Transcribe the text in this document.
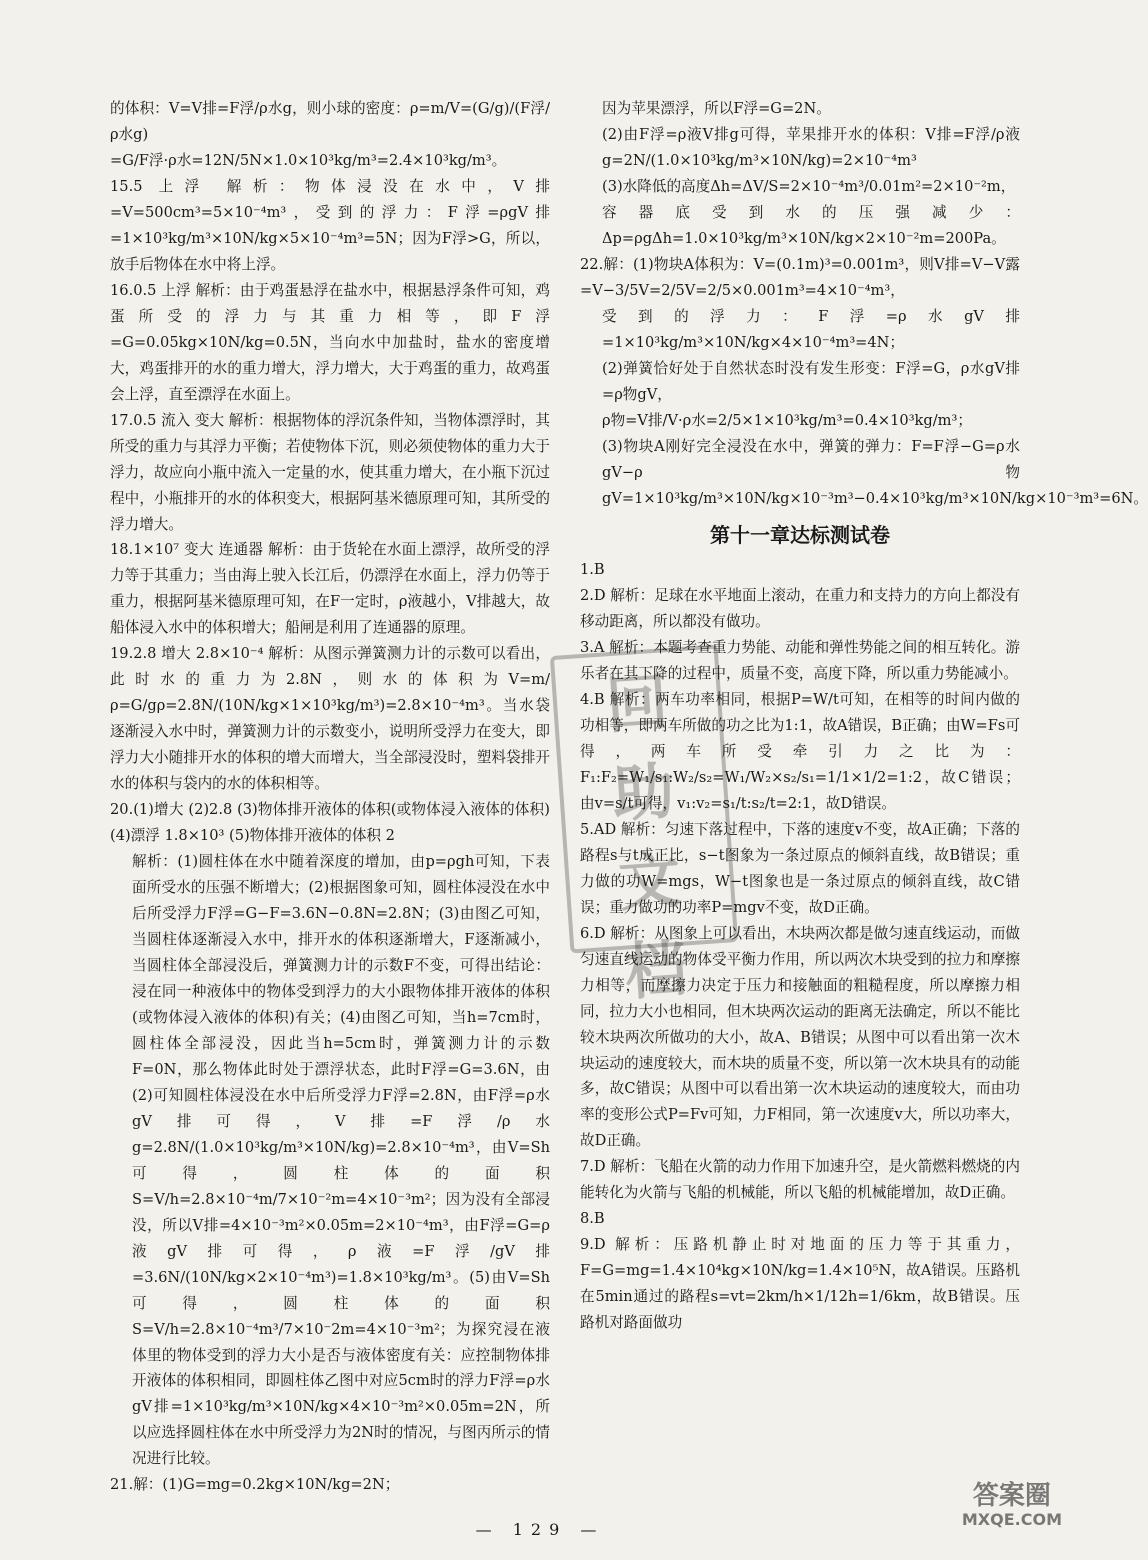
的体积：V=V排=F浮/ρ水g，则小球的密度：ρ=m/V=(G/g)/(F浮/ρ水g)

=G/F浮·ρ水=12N/5N×1.0×10³kg/m³=2.4×10³kg/m³。

15.5 上浮 解析：物体浸没在水中，V排=V=500cm³=5×10⁻⁴m³，受到的浮力：F浮=ρgV排=1×10³kg/m³×10N/kg×5×10⁻⁴m³=5N；因为F浮>G，所以，放手后物体在水中将上浮。

16.0.5 上浮 解析：由于鸡蛋悬浮在盐水中，根据悬浮条件可知，鸡蛋所受的浮力与其重力相等，即F浮=G=0.05kg×10N/kg=0.5N，当向水中加盐时，盐水的密度增大，鸡蛋排开的水的重力增大，浮力增大，大于鸡蛋的重力，故鸡蛋会上浮，直至漂浮在水面上。

17.0.5 流入 变大 解析：根据物体的浮沉条件知，当物体漂浮时，其所受的重力与其浮力平衡；若使物体下沉，则必须使物体的重力大于浮力，故应向小瓶中流入一定量的水，使其重力增大，在小瓶下沉过程中，小瓶排开的水的体积变大，根据阿基米德原理可知，其所受的浮力增大。

18.1×10⁷ 变大 连通器 解析：由于货轮在水面上漂浮，故所受的浮力等于其重力；当由海上驶入长江后，仍漂浮在水面上，浮力仍等于重力，根据阿基米德原理可知，在F一定时，ρ液越小，V排越大，故船体浸入水中的体积增大；船闸是利用了连通器的原理。

19.2.8 增大 2.8×10⁻⁴ 解析：从图示弹簧测力计的示数可以看出，此时水的重力为2.8N，则水的体积为V=m/ρ=G/gρ=2.8N/(10N/kg×1×10³kg/m³)=2.8×10⁻⁴m³。当水袋逐渐浸入水中时，弹簧测力计的示数变小，说明所受浮力在变大，即浮力大小随排开水的体积的增大而增大，当全部浸没时，塑料袋排开水的体积与袋内的水的体积相等。

20.(1)增大 (2)2.8 (3)物体排开液体的体积(或物体浸入液体的体积) (4)漂浮 1.8×10³ (5)物体排开液体的体积 2

解析：(1)圆柱体在水中随着深度的增加，由p=ρgh可知，下表面所受水的压强不断增大；(2)根据图象可知，圆柱体浸没在水中后所受浮力F浮=G−F=3.6N−0.8N=2.8N；(3)由图乙可知，当圆柱体逐渐浸入水中，排开水的体积逐渐增大，F逐渐减小，当圆柱体全部浸没后，弹簧测力计的示数F不变，可得出结论：浸在同一种液体中的物体受到浮力的大小跟物体排开液体的体积(或物体浸入液体的体积)有关；(4)由图乙可知，当h=7cm时，圆柱体全部浸没，因此当h=5cm时，弹簧测力计的示数F=0N，那么物体此时处于漂浮状态，此时F浮=G=3.6N，由(2)可知圆柱体浸没在水中后所受浮力F浮=2.8N，由F浮=ρ水gV排可得，V排=F浮/ρ水g=2.8N/(1.0×10³kg/m³×10N/kg)=2.8×10⁻⁴m³，由V=Sh可得，圆柱体的面积S=V/h=2.8×10⁻⁴m/7×10⁻²m=4×10⁻³m²；因为没有全部浸没，所以V排=4×10⁻³m²×0.05m=2×10⁻⁴m³，由F浮=G=ρ液gV排可得，ρ液=F浮/gV排=3.6N/(10N/kg×2×10⁻⁴m³)=1.8×10³kg/m³。(5)由V=Sh可得，圆柱体的面积S=V/h=2.8×10⁻⁴m³/7×10⁻2m=4×10⁻³m²；为探究浸在液体里的物体受到的浮力大小是否与液体密度有关：应控制物体排开液体的体积相同，即圆柱体乙图中对应5cm时的浮力F浮=ρ水gV排=1×10³kg/m³×10N/kg×4×10⁻³m²×0.05m=2N，所以应选择圆柱体在水中所受浮力为2N时的情况，与图丙所示的情况进行比较。

21.解：(1)G=mg=0.2kg×10N/kg=2N；

因为苹果漂浮，所以F浮=G=2N。

(2)由F浮=ρ液V排g可得，苹果排开水的体积：V排=F浮/ρ液g=2N/(1.0×10³kg/m³×10N/kg)=2×10⁻⁴m³

(3)水降低的高度Δh=ΔV/S=2×10⁻⁴m³/0.01m²=2×10⁻²m，

容器底受到水的压强减少：Δp=ρgΔh=1.0×10³kg/m³×10N/kg×2×10⁻²m=200Pa。

22.解：(1)物块A体积为：V=(0.1m)³=0.001m³，则V排=V−V露=V−3/5V=2/5V=2/5×0.001m³=4×10⁻⁴m³，

受到的浮力：F浮=ρ水gV排=1×10³kg/m³×10N/kg×4×10⁻⁴m³=4N；

(2)弹簧恰好处于自然状态时没有发生形变：F浮=G，ρ水gV排=ρ物gV，

ρ物=V排/V·ρ水=2/5×1×10³kg/m³=0.4×10³kg/m³；

(3)物块A刚好完全浸没在水中，弹簧的弹力：F=F浮−G=ρ水gV−ρ物gV=1×10³kg/m³×10N/kg×10⁻³m³−0.4×10³kg/m³×10N/kg×10⁻³m³=6N。

第十一章达标测试卷

1.B

2.D 解析：足球在水平地面上滚动，在重力和支持力的方向上都没有移动距离，所以都没有做功。

3.A 解析：本题考查重力势能、动能和弹性势能之间的相互转化。游乐者在其下降的过程中，质量不变，高度下降，所以重力势能减小。

4.B 解析：两车功率相同，根据P=W/t可知，在相等的时间内做的功相等，即两车所做的功之比为1:1，故A错误，B正确；由W=Fs可得，两车所受牵引力之比为：F₁:F₂=W₁/s₁:W₂/s₂=W₁/W₂×s₂/s₁=1/1×1/2=1:2，故C错误；由v=s/t可得，v₁:v₂=s₁/t:s₂/t=2:1，故D错误。

5.AD 解析：匀速下落过程中，下落的速度v不变，故A正确；下落的路程s与t成正比，s−t图象为一条过原点的倾斜直线，故B错误；重力做的功W=mgs，W−t图象也是一条过原点的倾斜直线，故C错误；重力做功的功率P=mgv不变，故D正确。

6.D 解析：从图象上可以看出，木块两次都是做匀速直线运动，而做匀速直线运动的物体受平衡力作用，所以两次木块受到的拉力和摩擦力相等，而摩擦力决定于压力和接触面的粗糙程度，所以摩擦力相同，拉力大小也相同，但木块两次运动的距离无法确定，所以不能比较木块两次所做功的大小，故A、B错误；从图中可以看出第一次木块运动的速度较大，而木块的质量不变，所以第一次木块具有的动能多，故C错误；从图中可以看出第一次木块运动的速度较大，而由功率的变形公式P=Fv可知，力F相同，第一次速度v大，所以功率大，故D正确。

7.D 解析：飞船在火箭的动力作用下加速升空，是火箭燃料燃烧的内能转化为火箭与飞船的机械能，所以飞船的机械能增加，故D正确。

8.B

9.D 解析：压路机静止时对地面的压力等于其重力，F=G=mg=1.4×10⁴kg×10N/kg=1.4×10⁵N，故A错误。压路机在5min通过的路程s=vt=2km/h×1/12h=1/6km，故B错误。压路机对路面做功

回
助
文
档
— 129 —
答案圈
MXQE.COM
